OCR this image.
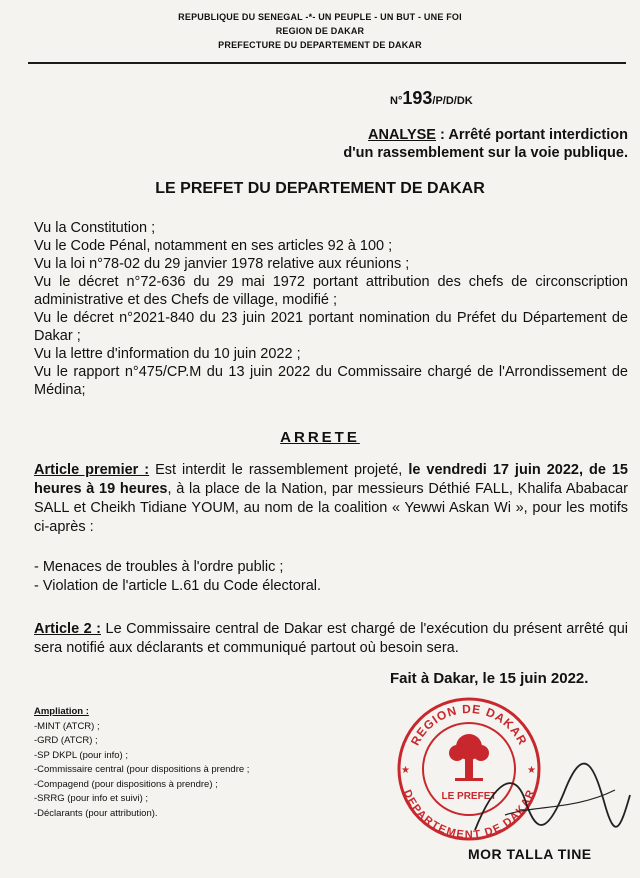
REPUBLIQUE DU SENEGAL -*- UN PEUPLE - UN BUT - UNE FOI
REGION DE DAKAR
PREFECTURE DU DEPARTEMENT DE DAKAR
N°193/P/D/DK
ANALYSE : Arrêté portant interdiction
d'un rassemblement sur la voie publique.
LE PREFET DU DEPARTEMENT DE DAKAR
Vu la Constitution ;
Vu le Code Pénal, notamment en ses articles 92 à 100 ;
Vu la loi n°78-02 du 29 janvier 1978 relative aux réunions ;
Vu le décret n°72-636 du 29 mai 1972 portant attribution des chefs de circonscription administrative et des Chefs de village, modifié ;
Vu le décret n°2021-840 du 23 juin 2021 portant nomination du Préfet du Département de Dakar ;
Vu la lettre d'information du 10 juin 2022 ;
Vu le rapport n°475/CP.M du 13 juin 2022 du Commissaire chargé de l'Arrondissement de Médina;
ARRETE
Article premier : Est interdit le rassemblement projeté, le vendredi 17 juin 2022, de 15 heures à 19 heures, à la place de la Nation, par messieurs Déthié FALL, Khalifa Ababacar SALL et Cheikh Tidiane YOUM, au nom de la coalition « Yewwi Askan Wi », pour les motifs ci-après :
- Menaces de troubles à l'ordre public ;
- Violation de l'article L.61 du Code électoral.
Article 2 : Le Commissaire central de Dakar est chargé de l'exécution du présent arrêté qui sera notifié aux déclarants et communiqué partout où besoin sera.
Fait à Dakar, le 15 juin 2022.
Ampliation :
-MINT (ATCR) ;
-GRD (ATCR) ;
-SP DKPL (pour info) ;
-Commissaire central (pour dispositions à prendre ;
-Compagend (pour dispositions à prendre) ;
-SRRG (pour info et suivi) ;
-Déclarants (pour attribution).
REGION DE DAKAR
DEPARTEMENT DE DAKAR
LE PREFET
★	★
MOR TALLA TINE
